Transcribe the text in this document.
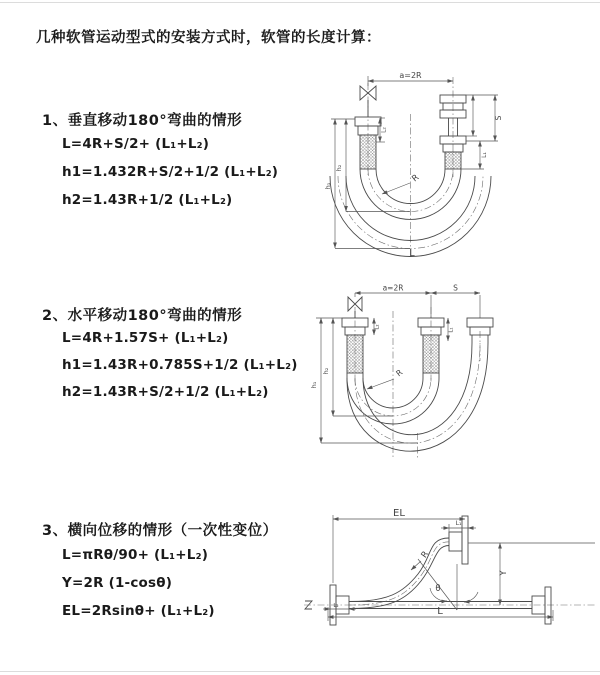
几种软管运动型式的安装方式时，软管的长度计算：
1、垂直移动180°弯曲的情形
L=4R+S/2+ (L₁+L₂)
h1=1.432R+S/2+1/2 (L₁+L₂)
h2=1.43R+1/2 (L₁+L₂)
2、水平移动180°弯曲的情形
L=4R+1.57S+ (L₁+L₂)
h1=1.43R+0.785S+1/2 (L₁+L₂)
h2=1.43R+S/2+1/2 (L₁+L₂)
3、横向位移的情形（一次性变位）
L=πRθ/90+ (L₁+L₂)
Y=2R (1-cosθ)
EL=2Rsinθ+ (L₁+L₂)
a=2R
S
L₁
L₂
h₁
h₂
R
L
a=2R	S
h₁
h₂
L₂
L₁
R
EL
L₁
Y
R
θ
L
L₂
